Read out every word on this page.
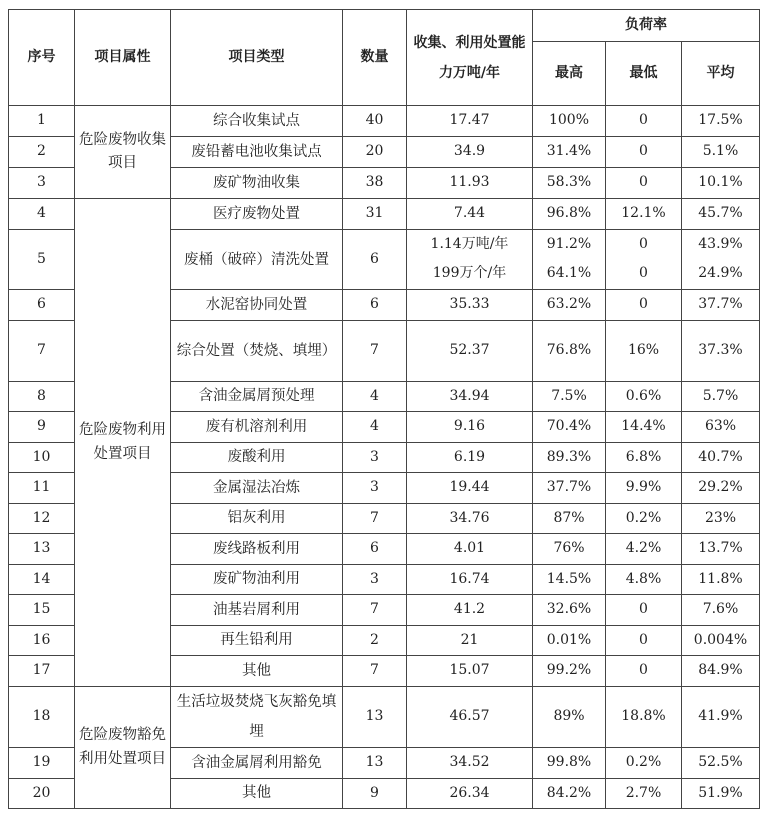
序号	项目属性	项目类型	数量	收集、利用处置能力万吨/年	负荷率		
					最高	最低	平均
1	危险废物收集项目	综合收集试点	40	17.47	100%	0	17.5%
2		废铅蓄电池收集试点	20	34.9	31.4%	0	5.1%
3		废矿物油收集	38	11.93	58.3%	0	10.1%
4	危险废物利用处置项目	医疗废物处置	31	7.44	96.8%	12.1%	45.7%
5		废桶（破碎）清洗处置	6	1.14万吨/年	91.2%	0	43.9%
				199万个/年	64.1%	0	24.9%
6		水泥窑协同处置	6	35.33	63.2%	0	37.7%
7		综合处置（焚烧、填埋）	7	52.37	76.8%	16%	37.3%
8		含油金属屑预处理	4	34.94	7.5%	0.6%	5.7%
9		废有机溶剂利用	4	9.16	70.4%	14.4%	63%
10		废酸利用	3	6.19	89.3%	6.8%	40.7%
11		金属湿法冶炼	3	19.44	37.7%	9.9%	29.2%
12		铝灰利用	7	34.76	87%	0.2%	23%
13		废线路板利用	6	4.01	76%	4.2%	13.7%
14		废矿物油利用	3	16.74	14.5%	4.8%	11.8%
15		油基岩屑利用	7	41.2	32.6%	0	7.6%
16		再生铅利用	2	21	0.01%	0	0.004%
17		其他	7	15.07	99.2%	0	84.9%
18	危险废物豁免利用处置项目	生活垃圾焚烧飞灰豁免填埋	13	46.57	89%	18.8%	41.9%
19		含油金属屑利用豁免	13	34.52	99.8%	0.2%	52.5%
20		其他	9	26.34	84.2%	2.7%	51.9%
